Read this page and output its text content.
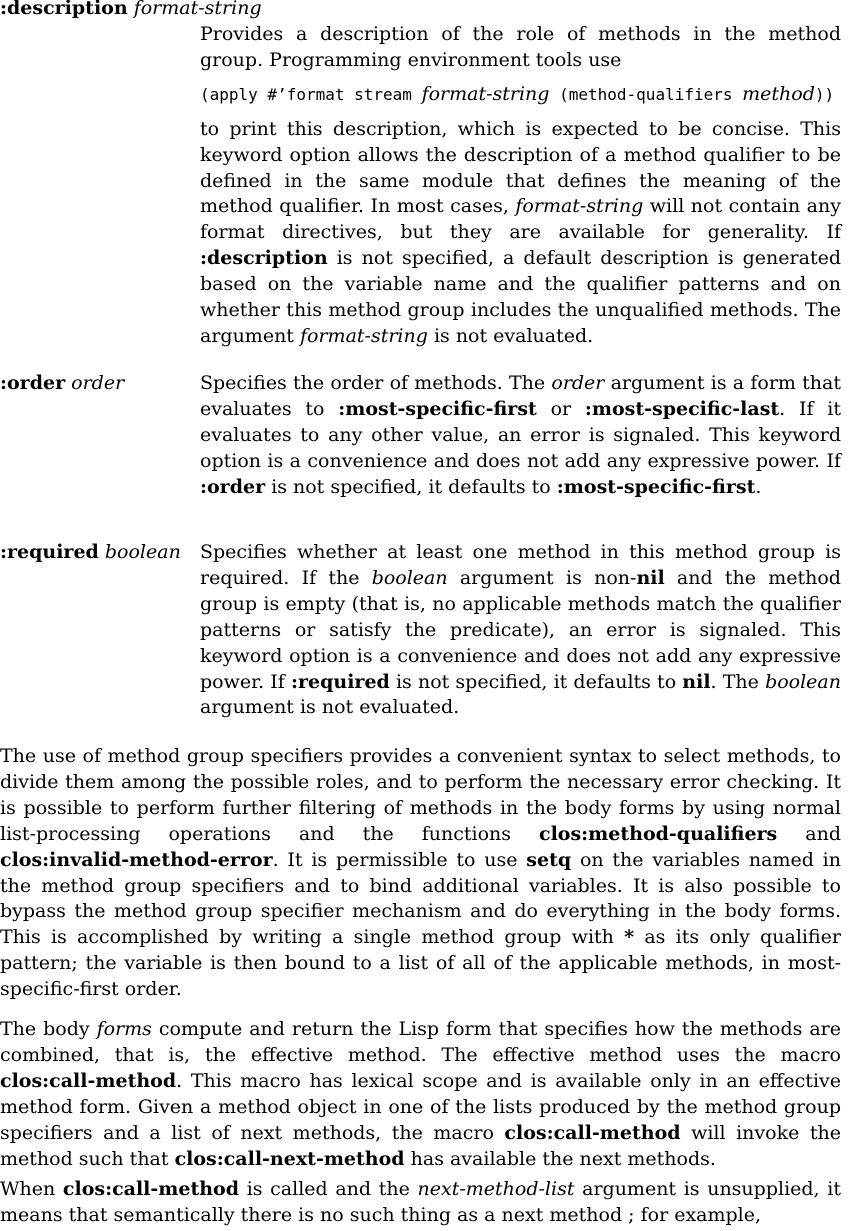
:description format-string

Provides a description of the role of methods in the method group. Programming environment tools use

(apply #’format stream format-string (method-qualifiers method))

to print this description, which is expected to be concise. This keyword option allows the description of a method qualifier to be defined in the same module that defines the meaning of the method qualifier. In most cases, format-string will not contain any format directives, but they are available for generality. If :description is not specified, a default description is generated based on the variable name and the qualifier patterns and on whether this method group includes the unqualified methods. The argument format-string is not evaluated.

:order order	Specifies the order of methods. The order argument is a form that evaluates to :most-specific-first or :most-specific-last. If it evaluates to any other value, an error is signaled. This keyword option is a convenience and does not add any expressive power. If :order is not specified, it defaults to :most-specific-first.

:required boolean Specifies whether at least one method in this method group is required. If the boolean argument is non-nil and the method group is empty (that is, no applicable methods match the qualifier patterns or satisfy the predicate), an error is signaled. This keyword option is a convenience and does not add any expressive power. If :required is not specified, it defaults to nil. The boolean argument is not evaluated.

The use of method group specifiers provides a convenient syntax to select methods, to divide them among the possible roles, and to perform the necessary error checking. It is possible to perform further filtering of methods in the body forms by using normal list-processing operations and the functions clos:method-qualifiers and clos:invalid-method-error. It is permissible to use setq on the variables named in the method group specifiers and to bind additional variables. It is also possible to bypass the method group specifier mechanism and do everything in the body forms. This is accomplished by writing a single method group with * as its only qualifier pattern; the variable is then bound to a list of all of the applicable methods, in most-specific-first order.

The body forms compute and return the Lisp form that specifies how the methods are combined, that is, the effective method. The effective method uses the macro clos:call-method. This macro has lexical scope and is available only in an effective method form. Given a method object in one of the lists produced by the method group specifiers and a list of next methods, the macro clos:call-method will invoke the method such that clos:call-next-method has available the next methods.

When clos:call-method is called and the next-method-list argument is unsupplied, it means that semantically there is no such thing as a next method ; for example,
